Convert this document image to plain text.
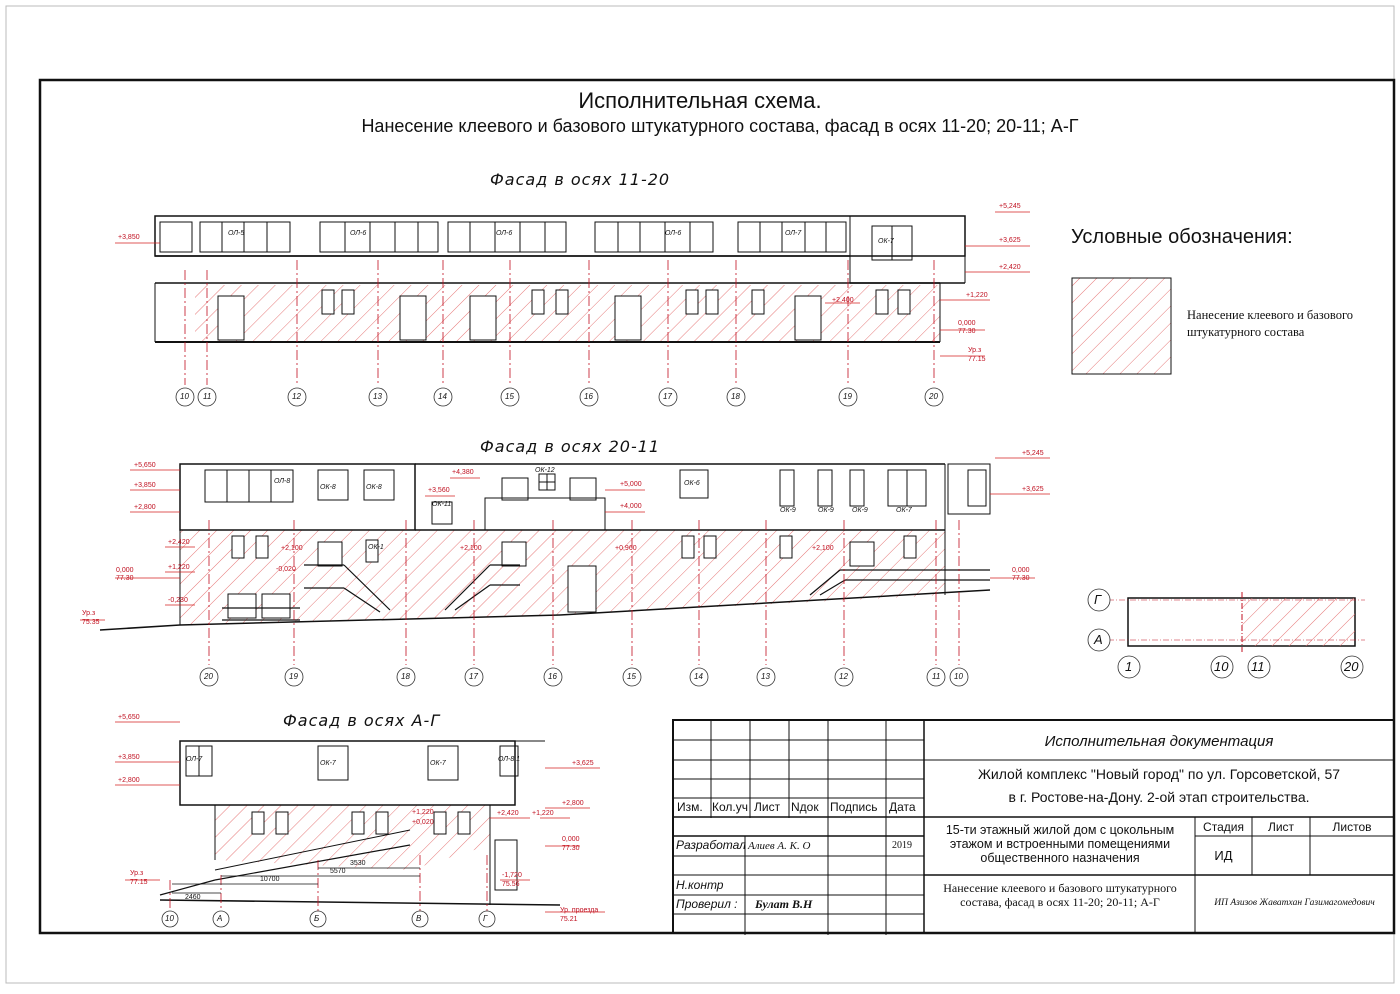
Исполнительная схема.
Нанесение клеевого и базового штукатурного состава, фасад в осях 11-20; 20-11; А-Г
Фасад в осях 11-20
Фасад в осях 20-11
Фасад в осях А-Г
Условные обозначения:
Нанесение клеевого и базового штукатурного состава
10 11	12	13	14	15	16	17	18	19	20
+5,245
+3,625
+2,420
+1,220
0,000
77.30
Ур.з
77.15
+3,850
+2,400
ОЛ-5	ОЛ-6	ОЛ-6	ОЛ-6	ОЛ-7
ОК-7
20	19	18	17	16	15	14	13	12	11 10
+5,650
+3,850
+2,800
+2,420
+1,220
0,000
77.30
-0,230
Ур.з
75.35
+4,380
+3,560
+5,000
+4,000
+2,100	+2,100	+0,960	+2,100
-0,020
+5,245
+3,625
0,000
77.30
ОЛ-8
ОК-8	ОК-8
ОК-11
ОК-12
ОК-6
ОК-9	ОК-9	ОК-9	ОК-7
ОК-1
10	А	Б	В	Г
+5,650
+3,850
+2,800
Ур.з
77.15
+3,625
+2,800
+2,420 +1,220
0,000
77.30
+1,220
+0,020
-1,720
75.56
Ур. проезда
75.21
3530
5570
10700
2460
ОЛ-7
ОК-7	ОК-7
ОЛ-8.1
Г
А
1	10 11	20
Исполнительная документация
Жилой комплекс "Новый город" по ул. Горсоветской, 57
в г. Ростове-на-Дону. 2-ой этап строительства.
Изм. Кол.уч Лист Nдок Подпись Дата
Разработал Алиев А. К. О	2019
Н.контр
Проверил : Булат В.Н
15-ти этажный жилой дом с цокольным этажом и встроенными помещениями общественного назначения
Стадия	Лист	Листов
ИД
Нанесение клеевого и базового штукатурного состава, фасад в осях 11-20; 20-11; А-Г	ИП Азизов Жаватхан Газимагомедович
